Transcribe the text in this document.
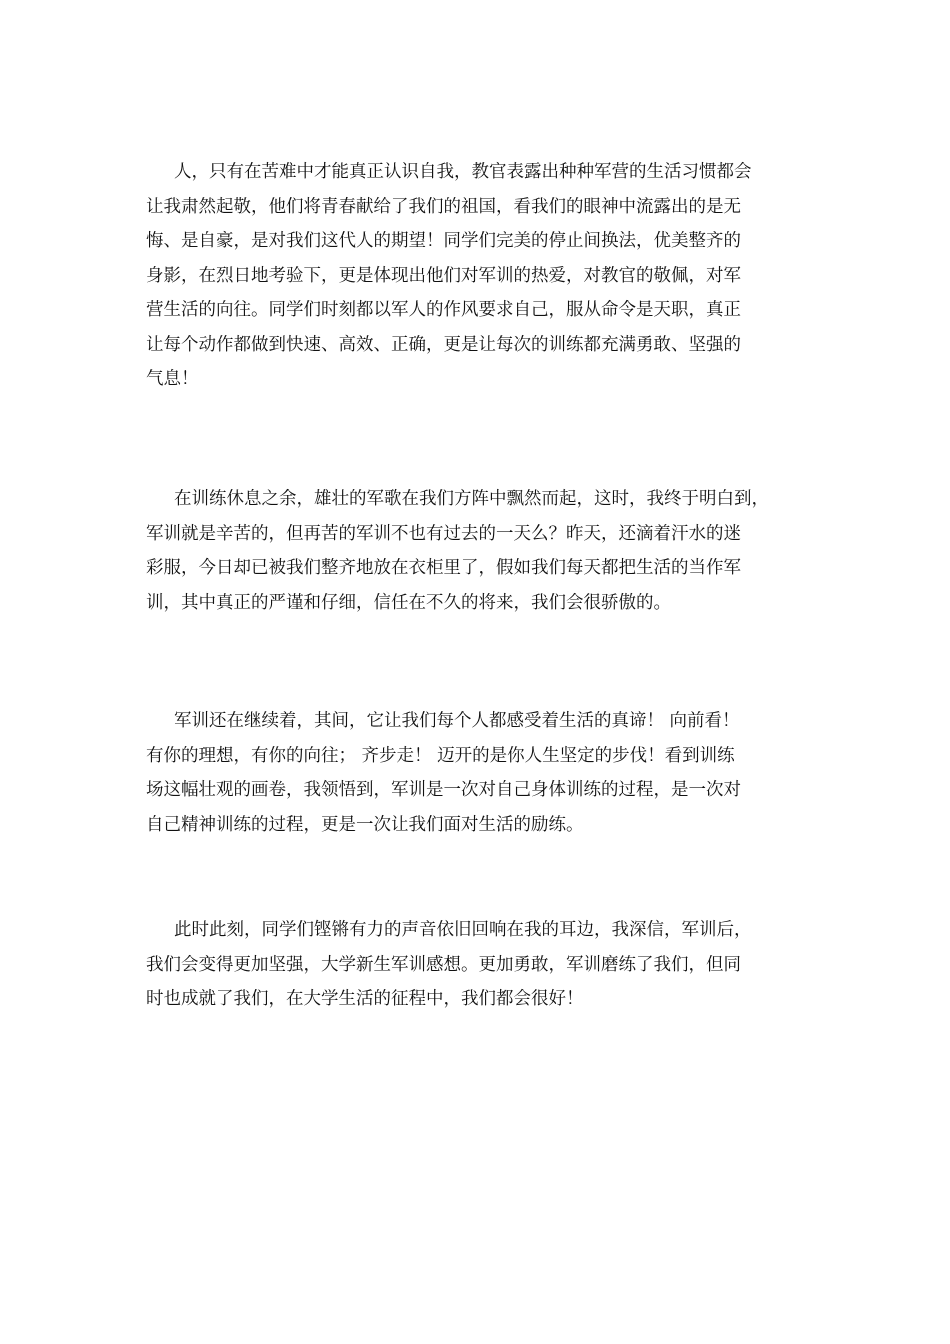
人，只有在苦难中才能真正认识自我，教官表露出种种军营的生活习惯都会
让我肃然起敬，他们将青春献给了我们的祖国，看我们的眼神中流露出的是无
悔、是自豪，是对我们这代人的期望！同学们完美的停止间换法，优美整齐的
身影，在烈日地考验下，更是体现出他们对军训的热爱，对教官的敬佩，对军
营生活的向往。同学们时刻都以军人的作风要求自己，服从命令是天职，真正
让每个动作都做到快速、高效、正确，更是让每次的训练都充满勇敢、坚强的
气息！
在训练休息之余，雄壮的军歌在我们方阵中飘然而起，这时，我终于明白到，
军训就是辛苦的，但再苦的军训不也有过去的一天么？昨天，还滴着汗水的迷
彩服，今日却已被我们整齐地放在衣柜里了，假如我们每天都把生活的当作军
训，其中真正的严谨和仔细，信任在不久的将来，我们会很骄傲的。
军训还在继续着，其间，它让我们每个人都感受着生活的真谛！ 向前看！
有你的理想，有你的向往； 齐步走！ 迈开的是你人生坚定的步伐！看到训练
场这幅壮观的画卷，我领悟到，军训是一次对自己身体训练的过程，是一次对
自己精神训练的过程，更是一次让我们面对生活的励练。
此时此刻，同学们铿锵有力的声音依旧回响在我的耳边，我深信，军训后，
我们会变得更加坚强，大学新生军训感想。更加勇敢，军训磨练了我们，但同
时也成就了我们，在大学生活的征程中，我们都会很好！
